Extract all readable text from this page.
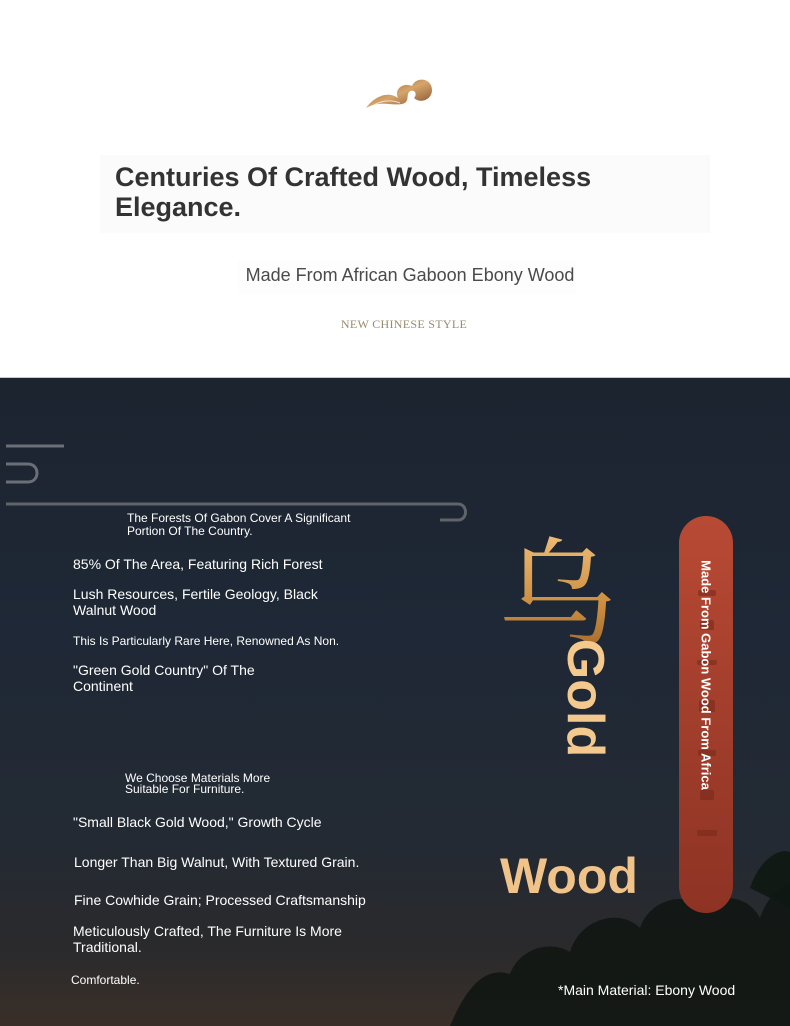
Centuries Of Crafted Wood, Timeless Elegance.
Made From African Gaboon Ebony Wood
NEW CHINESE STYLE

The Forests Of Gabon Cover A Significant Portion Of The Country.

85% Of The Area, Featuring Rich Forest

Lush Resources, Fertile Geology, Black Walnut Wood

This Is Particularly Rare Here, Renowned As Non.

"Green Gold Country" Of The Continent

We Choose Materials More Suitable For Furniture.

"Small Black Gold Wood," Growth Cycle

Longer Than Big Walnut, With Textured Grain.

Fine Cowhide Grain; Processed Craftsmanship

Meticulously Crafted, The Furniture Is More Traditional.

Comfortable.

乌
Gold
Wood
Made From Gabon Wood From Africa
*Main Material: Ebony Wood
